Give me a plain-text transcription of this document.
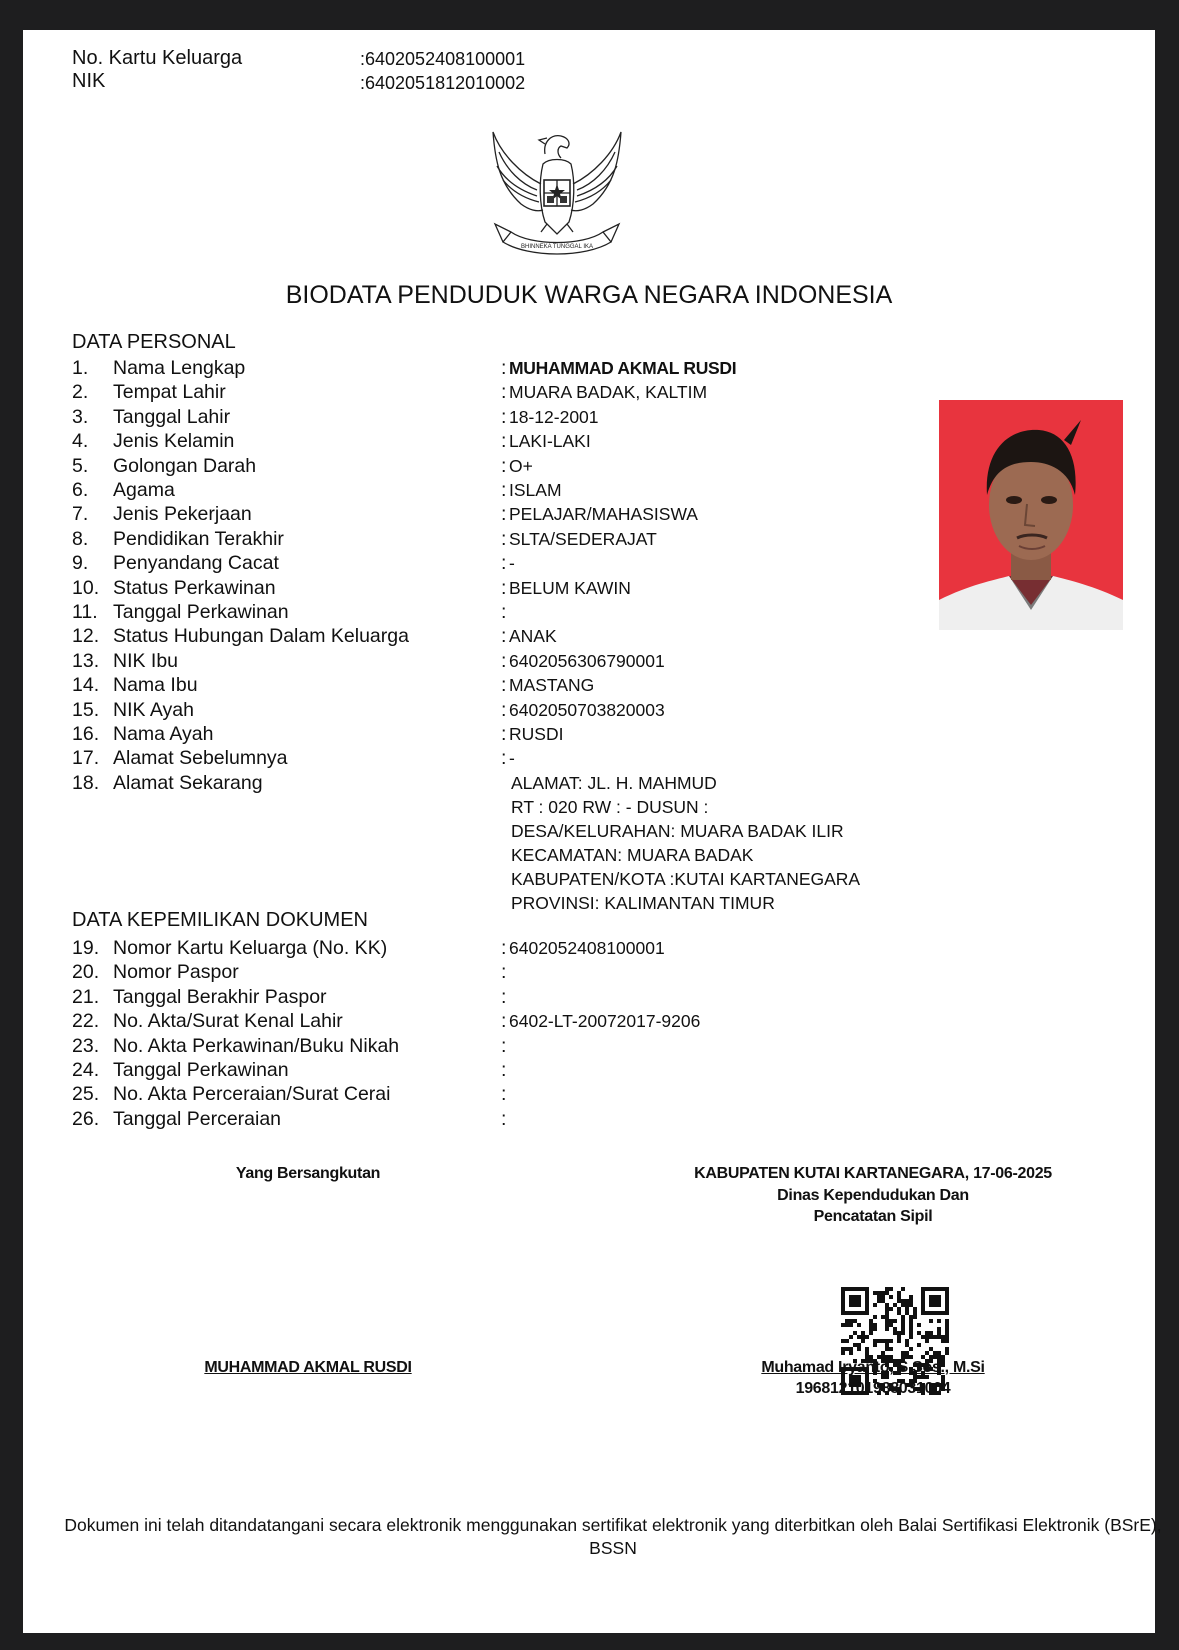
No. Kartu Keluarga	:6402052408100001
NIK	:6402051812010002
BHINNEKA TUNGGAL IKA
BIODATA PENDUDUK WARGA NEGARA INDONESIA
DATA PERSONAL
1. Nama Lengkap	: MUHAMMAD AKMAL RUSDI
2. Tempat Lahir	: MUARA BADAK, KALTIM
3. Tanggal Lahir	: 18-12-2001
4. Jenis Kelamin	: LAKI-LAKI
5. Golongan Darah	: O+
6. Agama	: ISLAM
7. Jenis Pekerjaan	: PELAJAR/MAHASISWA
8. Pendidikan Terakhir	: SLTA/SEDERAJAT
9. Penyandang Cacat	: -
10. Status Perkawinan	: BELUM KAWIN
11. Tanggal Perkawinan	:
12. Status Hubungan Dalam Keluarga	: ANAK
13. NIK Ibu	: 6402056306790001
14. Nama Ibu	: MASTANG
15. NIK Ayah	: 6402050703820003
16. Nama Ayah	: RUSDI
17. Alamat Sebelumnya	: -
18. Alamat Sekarang	ALAMAT: JL. H. MAHMUD
RT : 020 RW : - DUSUN :
DESA/KELURAHAN: MUARA BADAK ILIR
KECAMATAN: MUARA BADAK
KABUPATEN/KOTA :KUTAI KARTANEGARA
PROVINSI: KALIMANTAN TIMUR
DATA KEPEMILIKAN DOKUMEN
19. Nomor Kartu Keluarga (No. KK)	: 6402052408100001
20. Nomor Paspor	:
21. Tanggal Berakhir Paspor	:
22. No. Akta/Surat Kenal Lahir	: 6402-LT-20072017-9206
23. No. Akta Perkawinan/Buku Nikah	:
24. Tanggal Perkawinan	:
25. No. Akta Perceraian/Surat Cerai	:
26. Tanggal Perceraian	:
Yang Bersangkutan
MUHAMMAD AKMAL RUSDI
KABUPATEN KUTAI KARTANEGARA, 17-06-2025
Dinas Kependudukan Dan
Pencatatan Sipil
Muhamad Iryanto, S.Sos., M.Si
196812101988031004
Dokumen ini telah ditandatangani secara elektronik menggunakan sertifikat elektronik yang diterbitkan oleh Balai Sertifikasi Elektronik (BSrE), BSSN
